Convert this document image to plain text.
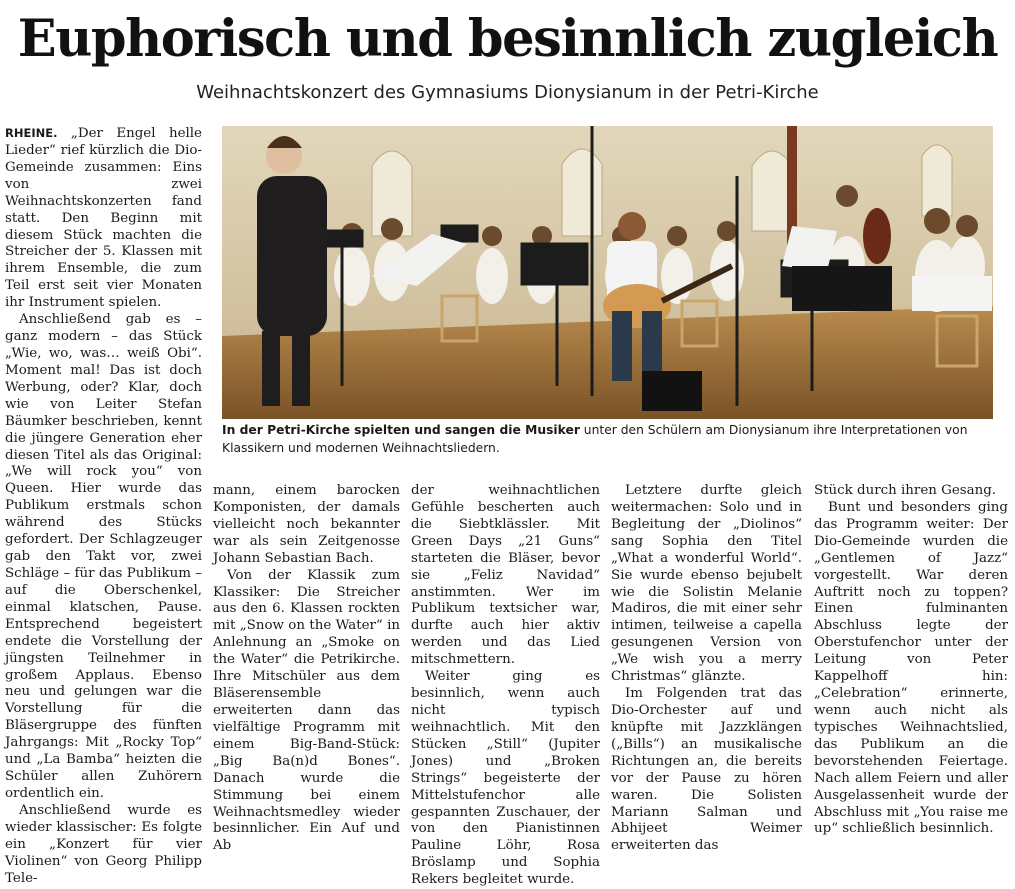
Euphorisch und besinnlich zugleich
Weihnachtskonzert des Gymnasiums Dionysianum in der Petri-Kirche

RHEINE. „Der Engel helle Lieder“ rief kürzlich die Dio-Gemeinde zusammen: Eins von zwei Weihnachtskonzerten fand statt. Den Beginn mit diesem Stück machten die Streicher der 5. Klassen mit ihrem Ensemble, die zum Teil erst seit vier Monaten ihr Instrument spielen.

Anschließend gab es – ganz modern – das Stück „Wie, wo, was… weiß Obi“. Moment mal! Das ist doch Werbung, oder? Klar, doch wie von Leiter Stefan Bäumker beschrieben, kennt die jüngere Generation eher diesen Titel als das Original: „We will rock you“ von Queen. Hier wurde das Publikum erstmals schon während des Stücks gefordert. Der Schlagzeuger gab den Takt vor, zwei Schläge – für das Publikum – auf die Oberschenkel, einmal klatschen, Pause. Entsprechend begeistert endete die Vorstellung der jüngsten Teilnehmer in großem Applaus. Ebenso neu und gelungen war die Vorstellung für die Bläsergruppe des fünften Jahrgangs: Mit „Rocky Top“ und „La Bamba“ heizten die Schüler allen Zuhörern ordentlich ein.

Anschließend wurde es wieder klassischer: Es folgte ein „Konzert für vier Violinen“ von Georg Philipp Tele-

In der Petri-Kirche spielten und sangen die Musiker unter den Schülern am Dionysianum ihre Interpretationen von Klassikern und modernen Weihnachtsliedern.

mann, einem barocken Komponisten, der damals vielleicht noch bekannter war als sein Zeitgenosse Johann Sebastian Bach.

Von der Klassik zum Klassiker: Die Streicher aus den 6. Klassen rockten mit „Snow on the Water“ in Anlehnung an „Smoke on the Water“ die Petrikirche. Ihre Mitschüler aus dem Bläserensemble erweiterten dann das vielfältige Programm mit einem Big-Band-Stück: „Big Ba(n)d Bones“. Danach wurde die Stimmung bei einem Weihnachtsmedley wieder besinnlicher. Ein Auf und Ab

der weihnachtlichen Gefühle bescherten auch die Siebtklässler. Mit Green Days „21 Guns“ starteten die Bläser, bevor sie „Feliz Navidad“ anstimmten. Wer im Publikum textsicher war, durfte auch hier aktiv werden und das Lied mitschmettern.

Weiter ging es besinnlich, wenn auch nicht typisch weihnachtlich. Mit den Stücken „Still“ (Jupiter Jones) und „Broken Strings“ begeisterte der Mittelstufenchor alle gespannten Zuschauer, der von den Pianistinnen Pauline Löhr, Rosa Bröslamp und Sophia Rekers begleitet wurde.

Letztere durfte gleich weitermachen: Solo und in Begleitung der „Diolinos“ sang Sophia den Titel „What a wonderful World“. Sie wurde ebenso bejubelt wie die Solistin Melanie Madiros, die mit einer sehr intimen, teilweise a capella gesungenen Version von „We wish you a merry Christmas“ glänzte.

Im Folgenden trat das Dio-Orchester auf und knüpfte mit Jazzklängen („Bills“) an musikalische Richtungen an, die bereits vor der Pause zu hören waren. Die Solisten Mariann Salman und Abhijeet Weimer erweiterten das

Stück durch ihren Gesang.

Bunt und besonders ging das Programm weiter: Der Dio-Gemeinde wurden die „Gentlemen of Jazz“ vorgestellt. War deren Auftritt noch zu toppen? Einen fulminanten Abschluss legte der Oberstufenchor unter der Leitung von Peter Kappelhoff hin: „Celebration“ erinnerte, wenn auch nicht als typisches Weihnachtslied, das Publikum an die bevorstehenden Feiertage. Nach allem Feiern und aller Ausgelassenheit wurde der Abschluss mit „You raise me up“ schließlich besinnlich.
